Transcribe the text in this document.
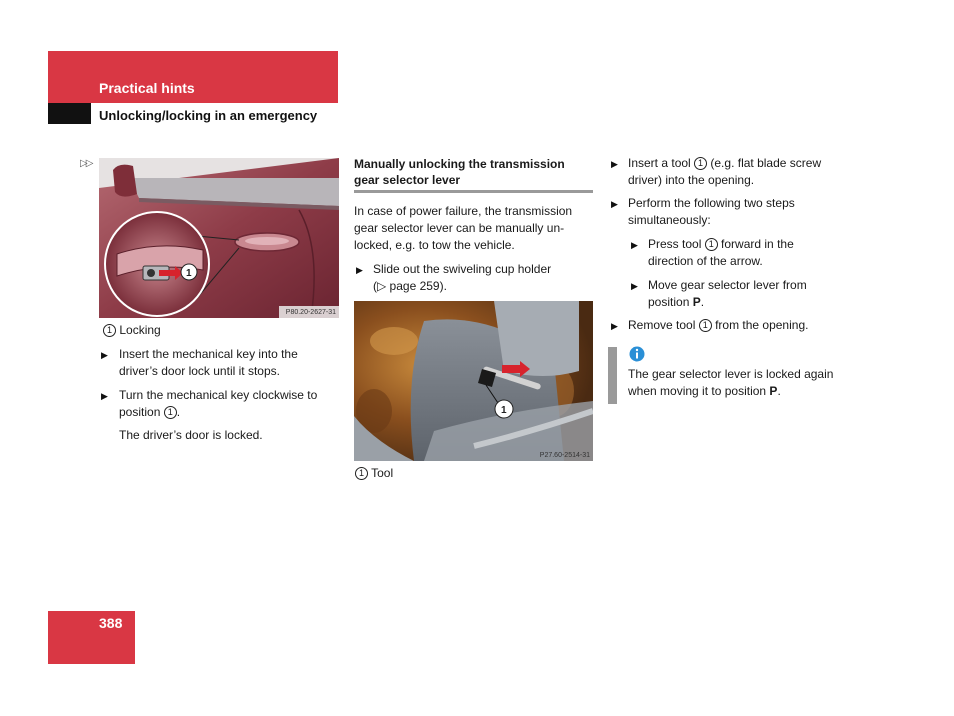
Practical hints
Unlocking/locking in an emergency
▷▷
1
P80.20-2627-31
1 Locking
▶ Insert the mechanical key into the driver’s door lock until it stops.
▶ Turn the mechanical key clockwise to position 1 .
The driver’s door is locked.
Manually unlocking the transmission gear selector lever
In case of power failure, the transmission gear selector lever can be manually un-locked, e.g. to tow the vehicle.
▶ Slide out the swiveling cup holder
(▷ page 259).
1
P27.60-2514-31
1 Tool
▶ Insert a tool 1 (e.g. flat blade screw driver) into the opening.
▶ Perform the following two steps simultaneously:
▶ Press tool 1 forward in the direction of the arrow.
▶ Move gear selector lever from position P.
▶ Remove tool 1 from the opening.
The gear selector lever is locked again when moving it to position P.
388
